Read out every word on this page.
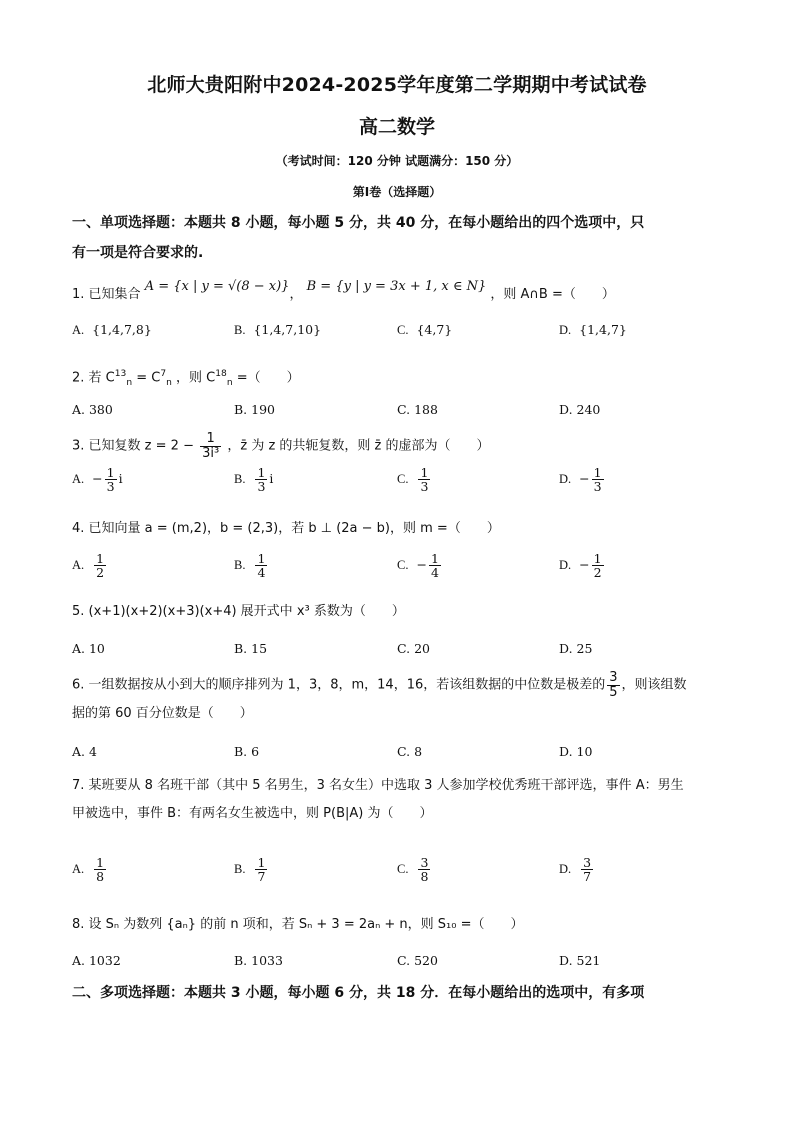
北师大贵阳附中2024-2025学年度第二学期期中考试试卷
高二数学
（考试时间：120 分钟 试题满分：150 分）
第Ⅰ卷（选择题）
一、单项选择题：本题共 8 小题，每小题 5 分，共 40 分，在每小题给出的四个选项中，只
有一项是符合要求的.
1. 已知集合 A = {x | y = √(8 − x)}， B = {y | y = 3x + 1, x ∈ N} ，则 A∩B =（　　）
A. {1,4,7,8}	B. {1,4,7,10}	C. {4,7}	D. {1,4,7}
2. 若 $C^{13}_n = C^7_n$ ，则 $C^{18}_n$ =（　　）
A. 380	B. 190	C. 188	D. 240
3. 已知复数 $z = 2 - \frac{1}{\text{3i³}}$ ，z̄ 为 z 的共轭复数，则 z̄ 的虚部为（　　）
A. − $\frac{1}{3}$ i	B. $\frac{1}{3}$ i	C. $\frac{1}{3}$	D. − $\frac{1}{3}$
4. 已知向量 a = (m,2)，b = (2,3)，若 b ⊥ (2a − b)，则 m =（　　）
A. $\frac{1}{2}$	B. $\frac{1}{4}$	C. − $\frac{1}{4}$	D. − $\frac{1}{2}$
5. (x+1)(x+2)(x+3)(x+4) 展开式中 x³ 系数为（　　）
A. 10	B. 15	C. 20	D. 25
6. 一组数据按从小到大的顺序排列为 1，3，8，m，14，16，若该组数据的中位数是极差的 $\frac{3}{5}$ ，则该组数
据的第 60 百分位数是（　　）
A. 4	B. 6	C. 8	D. 10
7. 某班要从 8 名班干部（其中 5 名男生，3 名女生）中选取 3 人参加学校优秀班干部评选，事件 A：男生
甲被选中，事件 B：有两名女生被选中，则 P(B|A) 为（　　）
A. $\frac{1}{8}$	B. $\frac{1}{7}$	C. $\frac{3}{8}$	D. $\frac{3}{7}$
8. 设 Sₙ 为数列 {aₙ} 的前 n 项和，若 Sₙ + 3 = 2aₙ + n，则 S₁₀ =（　　）
A. 1032	B. 1033	C. 520	D. 521
二、多项选择题：本题共 3 小题，每小题 6 分，共 18 分．在每小题给出的选项中，有多项
